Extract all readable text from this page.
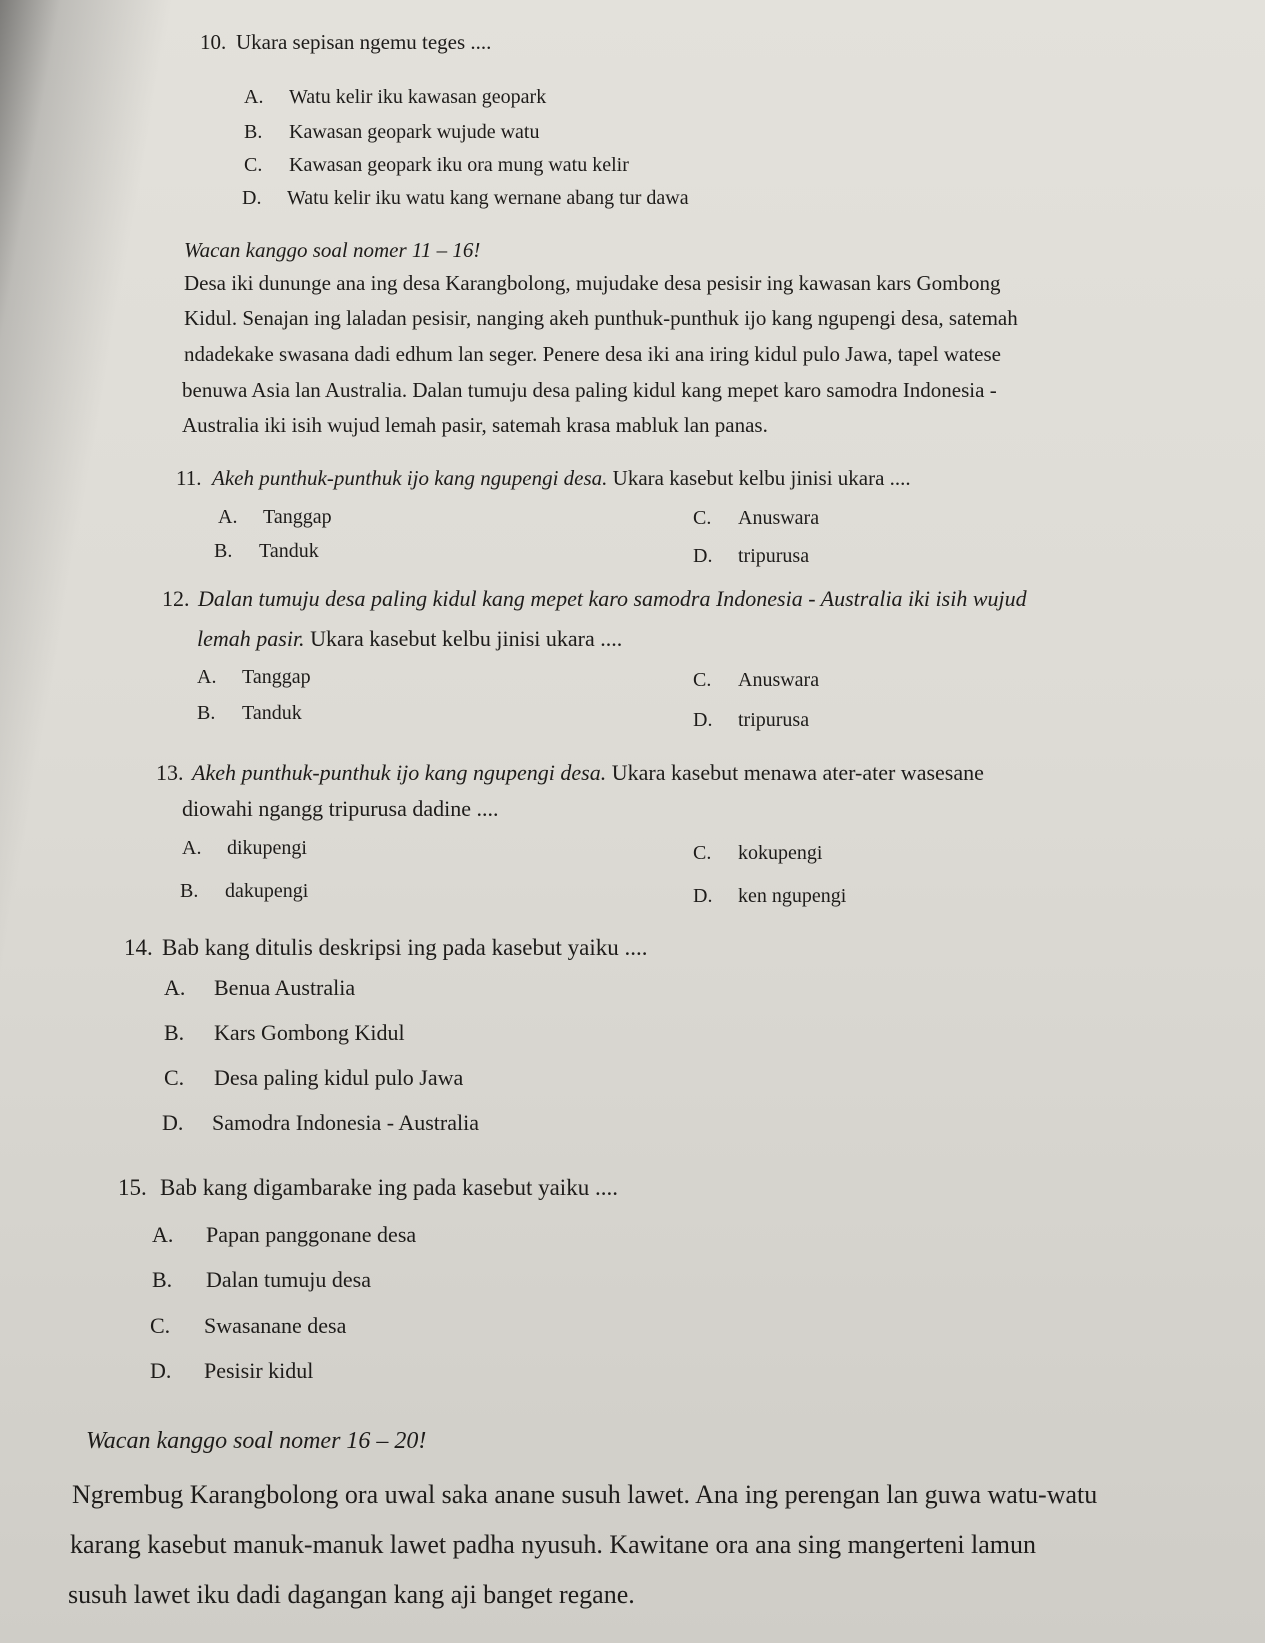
10. Ukara sepisan ngemu teges ....
A. Watu kelir iku kawasan geopark
B. Kawasan geopark wujude watu
C. Kawasan geopark iku ora mung watu kelir
D. Watu kelir iku watu kang wernane abang tur dawa
Wacan kanggo soal nomer 11 – 16!
Desa iki dununge ana ing desa Karangbolong, mujudake desa pesisir ing kawasan kars Gombong
Kidul. Senajan ing laladan pesisir, nanging akeh punthuk-punthuk ijo kang ngupengi desa, satemah
ndadekake swasana dadi edhum lan seger. Penere desa iki ana iring kidul pulo Jawa, tapel watese
benuwa Asia lan Australia. Dalan tumuju desa paling kidul kang mepet karo samodra Indonesia -
Australia iki isih wujud lemah pasir, satemah krasa mabluk lan panas.
11. Akeh punthuk-punthuk ijo kang ngupengi desa. Ukara kasebut kelbu jinisi ukara ....
A. Tanggap	C. Anuswara
B. Tanduk	D. tripurusa
12. Dalan tumuju desa paling kidul kang mepet karo samodra Indonesia - Australia iki isih wujud
lemah pasir. Ukara kasebut kelbu jinisi ukara ....
A. Tanggap	C. Anuswara
B. Tanduk	D. tripurusa
13. Akeh punthuk-punthuk ijo kang ngupengi desa. Ukara kasebut menawa ater-ater wasesane
diowahi ngangg tripurusa dadine ....
A. dikupengi	C. kokupengi
B. dakupengi	D. ken ngupengi
14. Bab kang ditulis deskripsi ing pada kasebut yaiku ....
A. Benua Australia
B. Kars Gombong Kidul
C. Desa paling kidul pulo Jawa
D. Samodra Indonesia - Australia
15. Bab kang digambarake ing pada kasebut yaiku ....
A. Papan panggonane desa
B. Dalan tumuju desa
C. Swasanane desa
D. Pesisir kidul
Wacan kanggo soal nomer 16 – 20!
Ngrembug Karangbolong ora uwal saka anane susuh lawet. Ana ing perengan lan guwa watu-watu
karang kasebut manuk-manuk lawet padha nyusuh. Kawitane ora ana sing mangerteni lamun
susuh lawet iku dadi dagangan kang aji banget regane.
